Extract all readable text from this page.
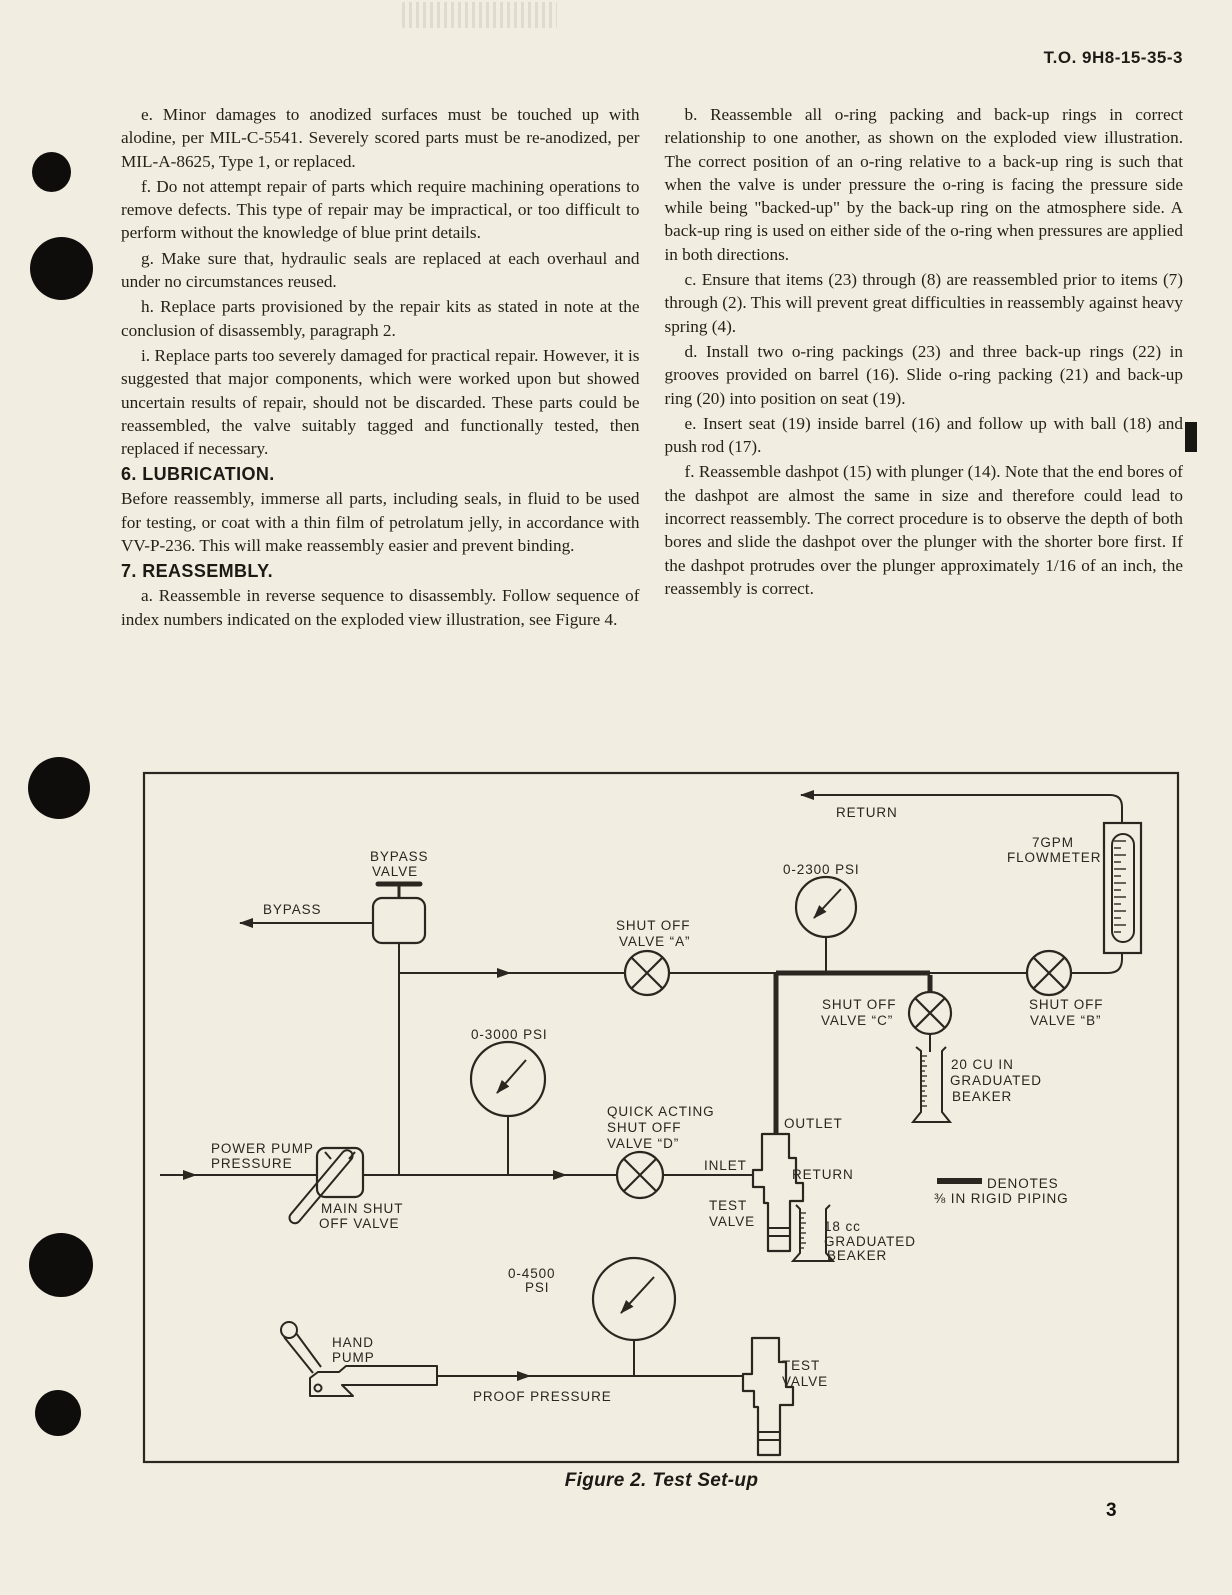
T.O. 9H8-15-35-3

e. Minor damages to anodized surfaces must be touched up with alodine, per MIL-C-5541. Severely scored parts must be re-anodized, per MIL-A-8625, Type 1, or replaced.

f. Do not attempt repair of parts which require machining operations to remove defects. This type of repair may be impractical, or too difficult to perform without the knowledge of blue print details.

g. Make sure that, hydraulic seals are replaced at each overhaul and under no circumstances reused.

h. Replace parts provisioned by the repair kits as stated in note at the conclusion of disassembly, paragraph 2.

i. Replace parts too severely damaged for practical repair. However, it is suggested that major components, which were worked upon but showed uncertain results of repair, should not be discarded. These parts could be reassembled, the valve suitably tagged and functionally tested, then replaced if necessary.

6. LUBRICATION.

Before reassembly, immerse all parts, including seals, in fluid to be used for testing, or coat with a thin film of petrolatum jelly, in accordance with VV-P-236. This will make reassembly easier and prevent binding.

7. REASSEMBLY.

a. Reassemble in reverse sequence to disassembly. Follow sequence of index numbers indicated on the exploded view illustration, see Figure 4.

b. Reassemble all o-ring packing and back-up rings in correct relationship to one another, as shown on the exploded view illustration. The correct position of an o-ring relative to a back-up ring is such that when the valve is under pressure the o-ring is facing the pressure side while being "backed-up" by the back-up ring on the atmosphere side. A back-up ring is used on either side of the o-ring when pressures are applied in both directions.

c. Ensure that items (23) through (8) are reassembled prior to items (7) through (2). This will prevent great difficulties in reassembly against heavy spring (4).

d. Install two o-ring packings (23) and three back-up rings (22) in grooves provided on barrel (16). Slide o-ring packing (21) and back-up ring (20) into position on seat (19).

e. Insert seat (19) inside barrel (16) and follow up with ball (18) and push rod (17).

f. Reassemble dashpot (15) with plunger (14). Note that the end bores of the dashpot are almost the same in size and therefore could lead to incorrect reassembly. The correct procedure is to observe the depth of both bores and slide the dashpot over the plunger with the shorter bore first. If the dashpot protrudes over the plunger approximately 1/16 of an inch, the reassembly is correct.

BYPASS
VALVE
BYPASS
SHUT OFF
VALVE “A”
0-2300 PSI
RETURN
7GPM
FLOWMETER
SHUT OFF
VALVE “C”
SHUT OFF
VALVE “B”
20 CU IN
GRADUATED
BEAKER
0-3000 PSI
QUICK ACTING
SHUT OFF
VALVE “D”
OUTLET
INLET
RETURN
TEST
VALVE	18 cc
GRADUATED
BEAKER
POWER PUMP
PRESSURE
MAIN SHUT
OFF VALVE
DENOTES
⅜ IN RIGID PIPING
0-4500
PSI
HAND
PUMP
PROOF PRESSURE
TEST
VALVE
Figure 2. Test Set-up
3
